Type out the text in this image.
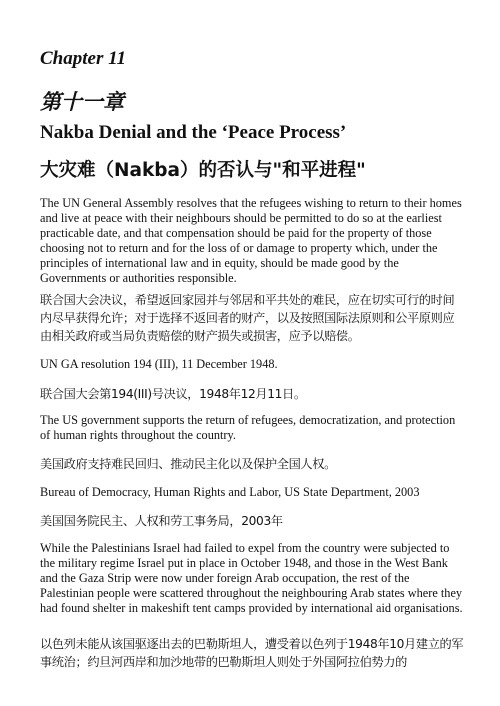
Chapter 11
第十一章
Nakba Denial and the ‘Peace Process’
大灾难（Nakba）的否认与"和平进程"

The UN General Assembly resolves that the refugees wishing to return to their homes and live at peace with their neighbours should be permitted to do so at the earliest practicable date, and that compensation should be paid for the property of those choosing not to return and for the loss of or damage to property which, under the principles of international law and in equity, should be made good by the Governments or authorities responsible.

联合国大会决议，希望返回家园并与邻居和平共处的难民，应在切实可行的时间内尽早获得允许；对于选择不返回者的财产，以及按照国际法原则和公平原则应由相关政府或当局负责赔偿的财产损失或损害，应予以赔偿。

UN GA resolution 194 (III), 11 December 1948.

联合国大会第194(III)号决议，1948年12月11日。

The US government supports the return of refugees, democratization, and protection of human rights throughout the country.

美国政府支持难民回归、推动民主化以及保护全国人权。

Bureau of Democracy, Human Rights and Labor, US State Department, 2003

美国国务院民主、人权和劳工事务局，2003年

While the Palestinians Israel had failed to expel from the country were subjected to the military regime Israel put in place in October 1948, and those in the West Bank and the Gaza Strip were now under foreign Arab occupation, the rest of the Palestinian people were scattered throughout the neighbouring Arab states where they had found shelter in makeshift tent camps provided by international aid organisations.

以色列未能从该国驱逐出去的巴勒斯坦人，遭受着以色列于1948年10月建立的军事统治；约旦河西岸和加沙地带的巴勒斯坦人则处于外国阿拉伯势力的
